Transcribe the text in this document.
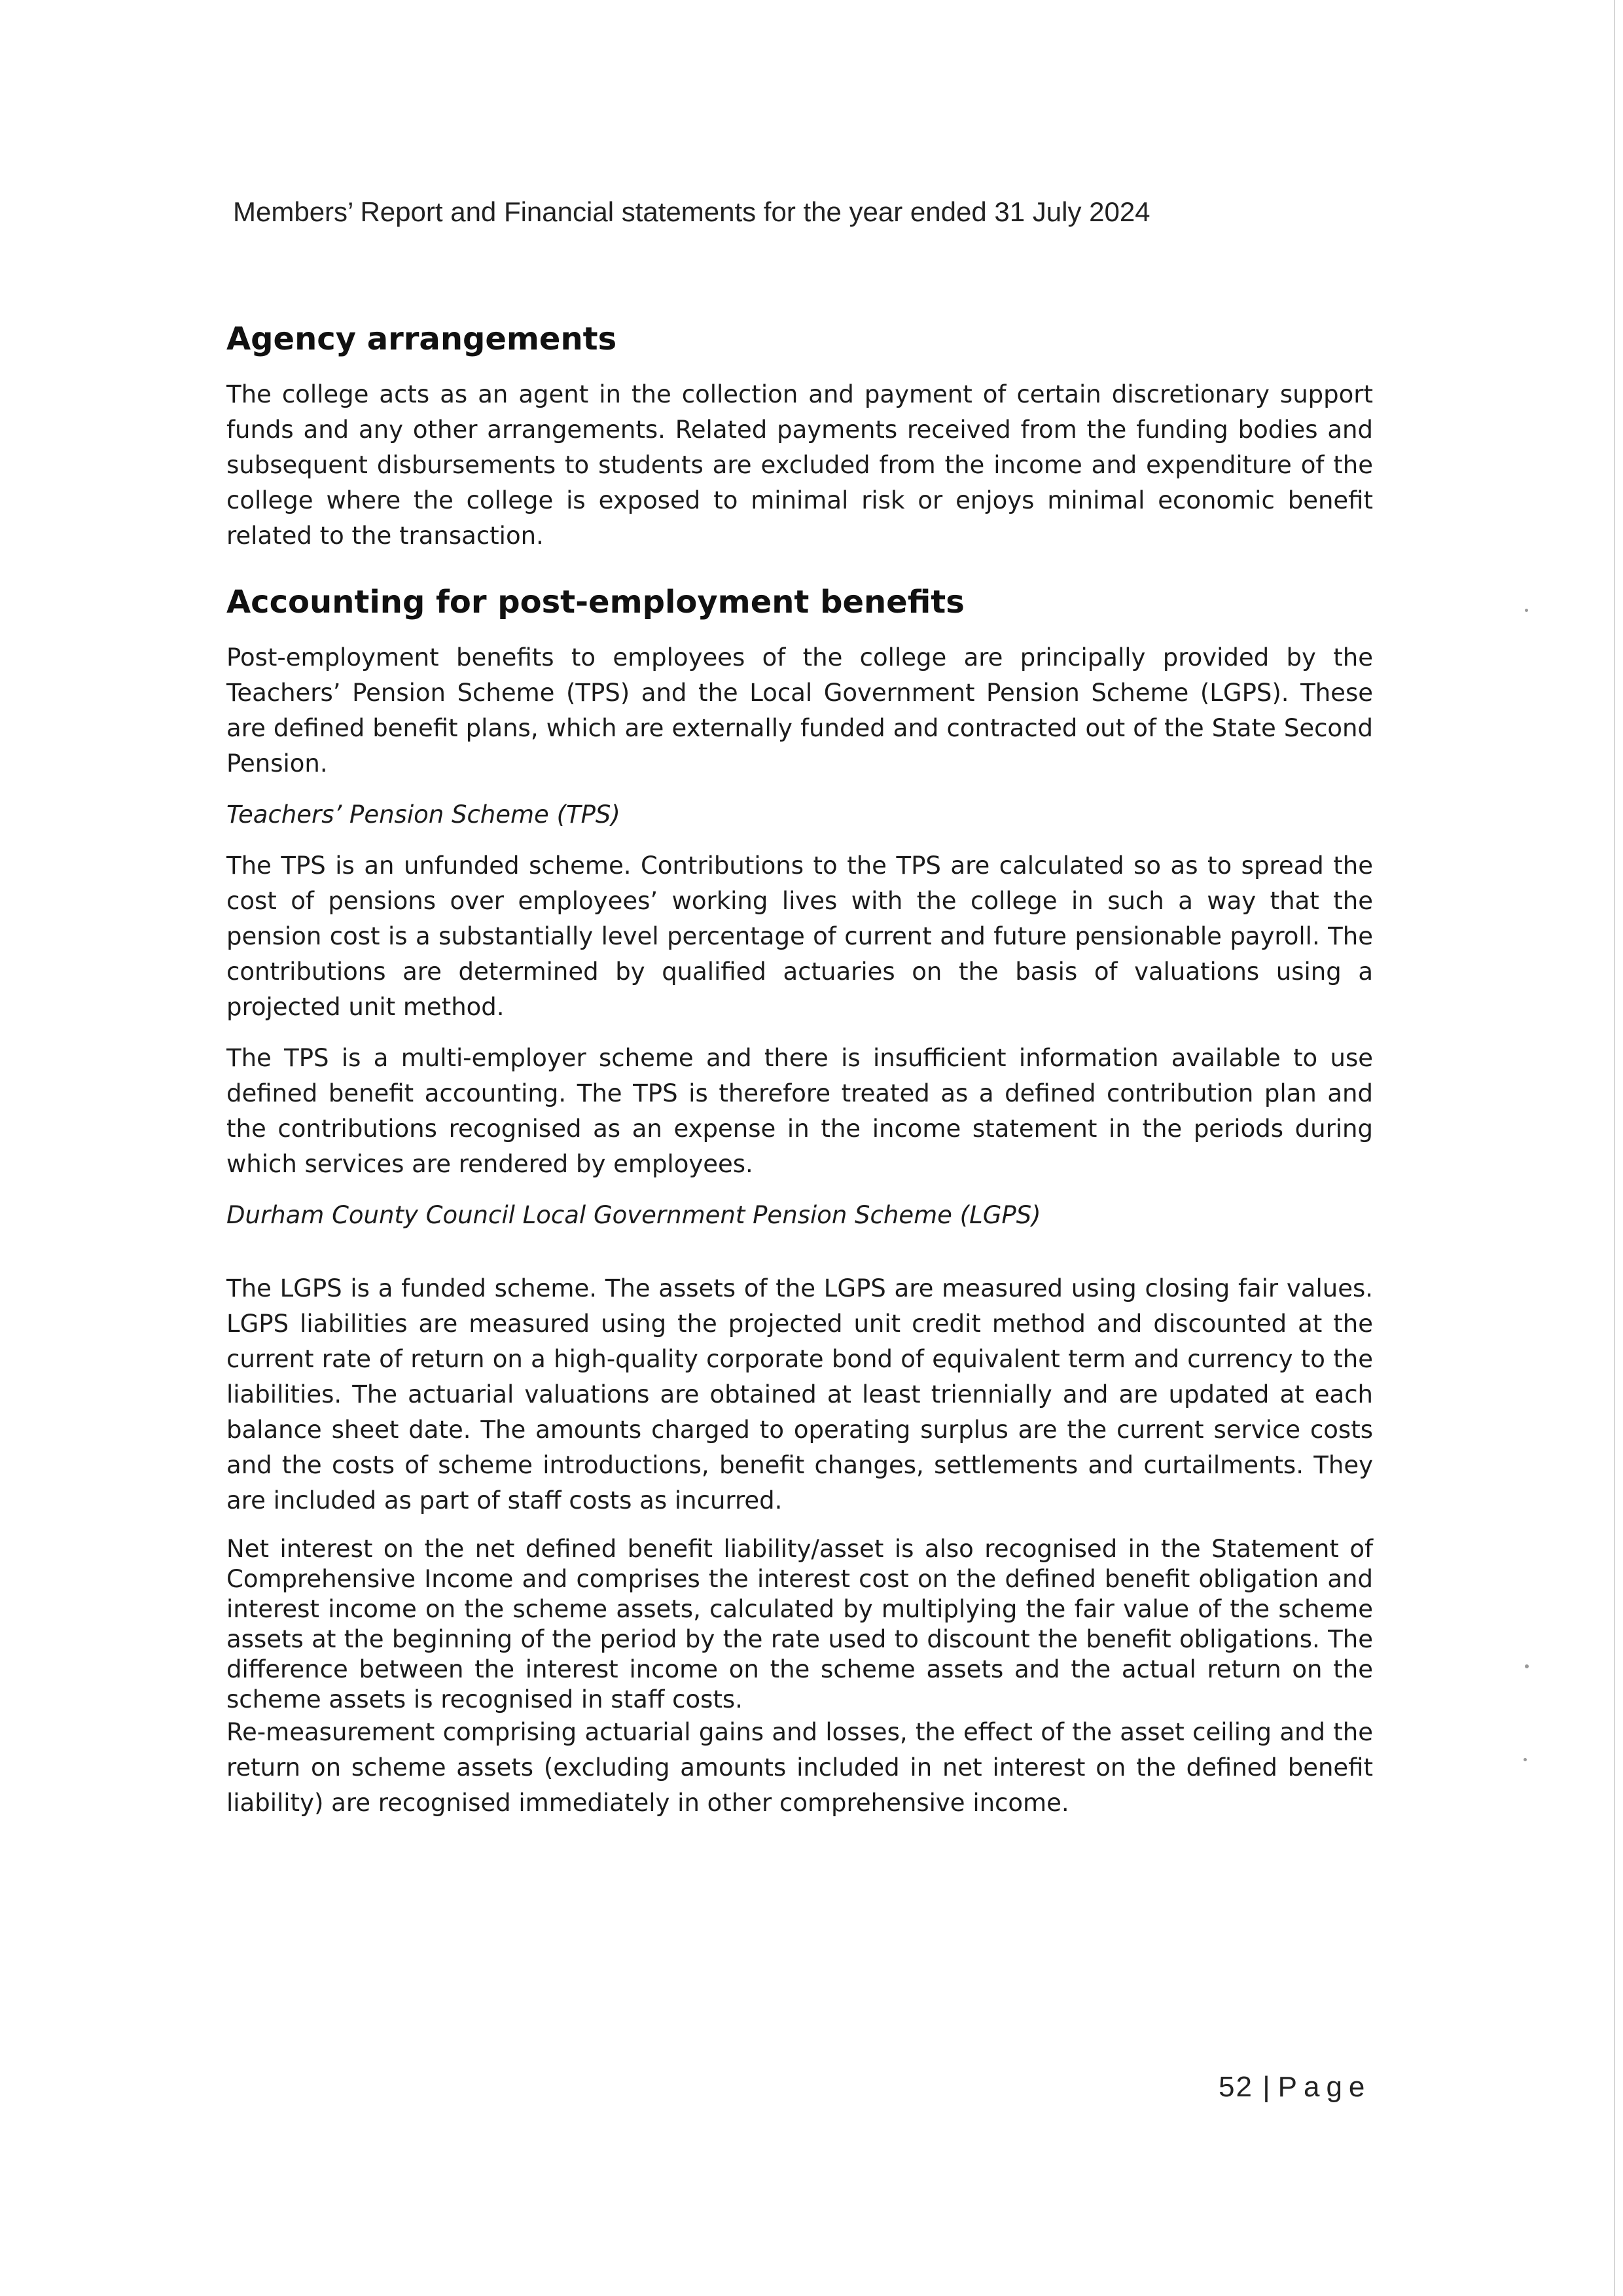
Members’ Report and Financial statements for the year ended 31 July 2024
Agency arrangements

The college acts as an agent in the collection and payment of certain discretionary support funds and any other arrangements. Related payments received from the funding bodies and subsequent disbursements to students are excluded from the income and expenditure of the college where the college is exposed to minimal risk or enjoys minimal economic benefit related to the transaction.

Accounting for post-employment benefits

Post-employment benefits to employees of the college are principally provided by the Teachers’ Pension Scheme (TPS) and the Local Government Pension Scheme (LGPS). These are defined benefit plans, which are externally funded and contracted out of the State Second Pension.

Teachers’ Pension Scheme (TPS)

The TPS is an unfunded scheme. Contributions to the TPS are calculated so as to spread the cost of pensions over employees’ working lives with the college in such a way that the pension cost is a substantially level percentage of current and future pensionable payroll. The contributions are determined by qualified actuaries on the basis of valuations using a projected unit method.

The TPS is a multi-employer scheme and there is insufficient information available to use defined benefit accounting. The TPS is therefore treated as a defined contribution plan and the contributions recognised as an expense in the income statement in the periods during which services are rendered by employees.

Durham County Council Local Government Pension Scheme (LGPS)

The LGPS is a funded scheme. The assets of the LGPS are measured using closing fair values. LGPS liabilities are measured using the projected unit credit method and discounted at the current rate of return on a high-quality corporate bond of equivalent term and currency to the liabilities. The actuarial valuations are obtained at least triennially and are updated at each balance sheet date. The amounts charged to operating surplus are the current service costs and the costs of scheme introductions, benefit changes, settlements and curtailments. They are included as part of staff costs as incurred.

Net interest on the net defined benefit liability/asset is also recognised in the Statement of Comprehensive Income and comprises the interest cost on the defined benefit obligation and interest income on the scheme assets, calculated by multiplying the fair value of the scheme assets at the beginning of the period by the rate used to discount the benefit obligations. The difference between the interest income on the scheme assets and the actual return on the scheme assets is recognised in staff costs.

Re-measurement comprising actuarial gains and losses, the effect of the asset ceiling and the return on scheme assets (excluding amounts included in net interest on the defined benefit liability) are recognised immediately in other comprehensive income.

52 | Page
